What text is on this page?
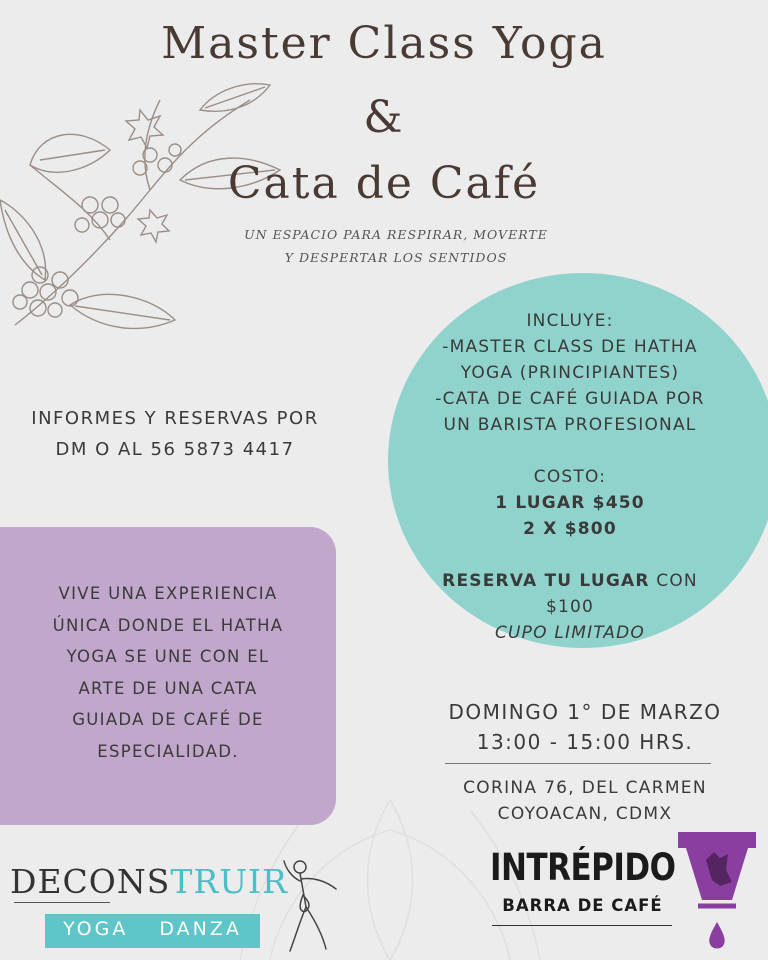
Master Class Yoga
&
Cata de Café
UN ESPACIO PARA RESPIRAR, MOVERTE
Y DESPERTAR LOS SENTIDOS
INCLUYE:
-MASTER CLASS DE HATHA
YOGA (PRINCIPIANTES)
-CATA DE CAFÉ GUIADA POR
UN BARISTA PROFESIONAL
COSTO:
1 LUGAR $450
2 X $800
RESERVA TU LUGAR CON
$100
CUPO LIMITADO
INFORMES Y RESERVAS POR
DM O AL 56 5873 4417
VIVE UNA EXPERIENCIA
ÚNICA DONDE EL HATHA
YOGA SE UNE CON EL
ARTE DE UNA CATA
GUIADA DE CAFÉ DE
ESPECIALIDAD.
DOMINGO 1° DE MARZO
13:00 - 15:00 HRS.
CORINA 76, DEL CARMEN
COYOACAN, CDMX
DECONSTRUIR
YOGA DANZA
INTRÉPIDO
BARRA DE CAFÉ
